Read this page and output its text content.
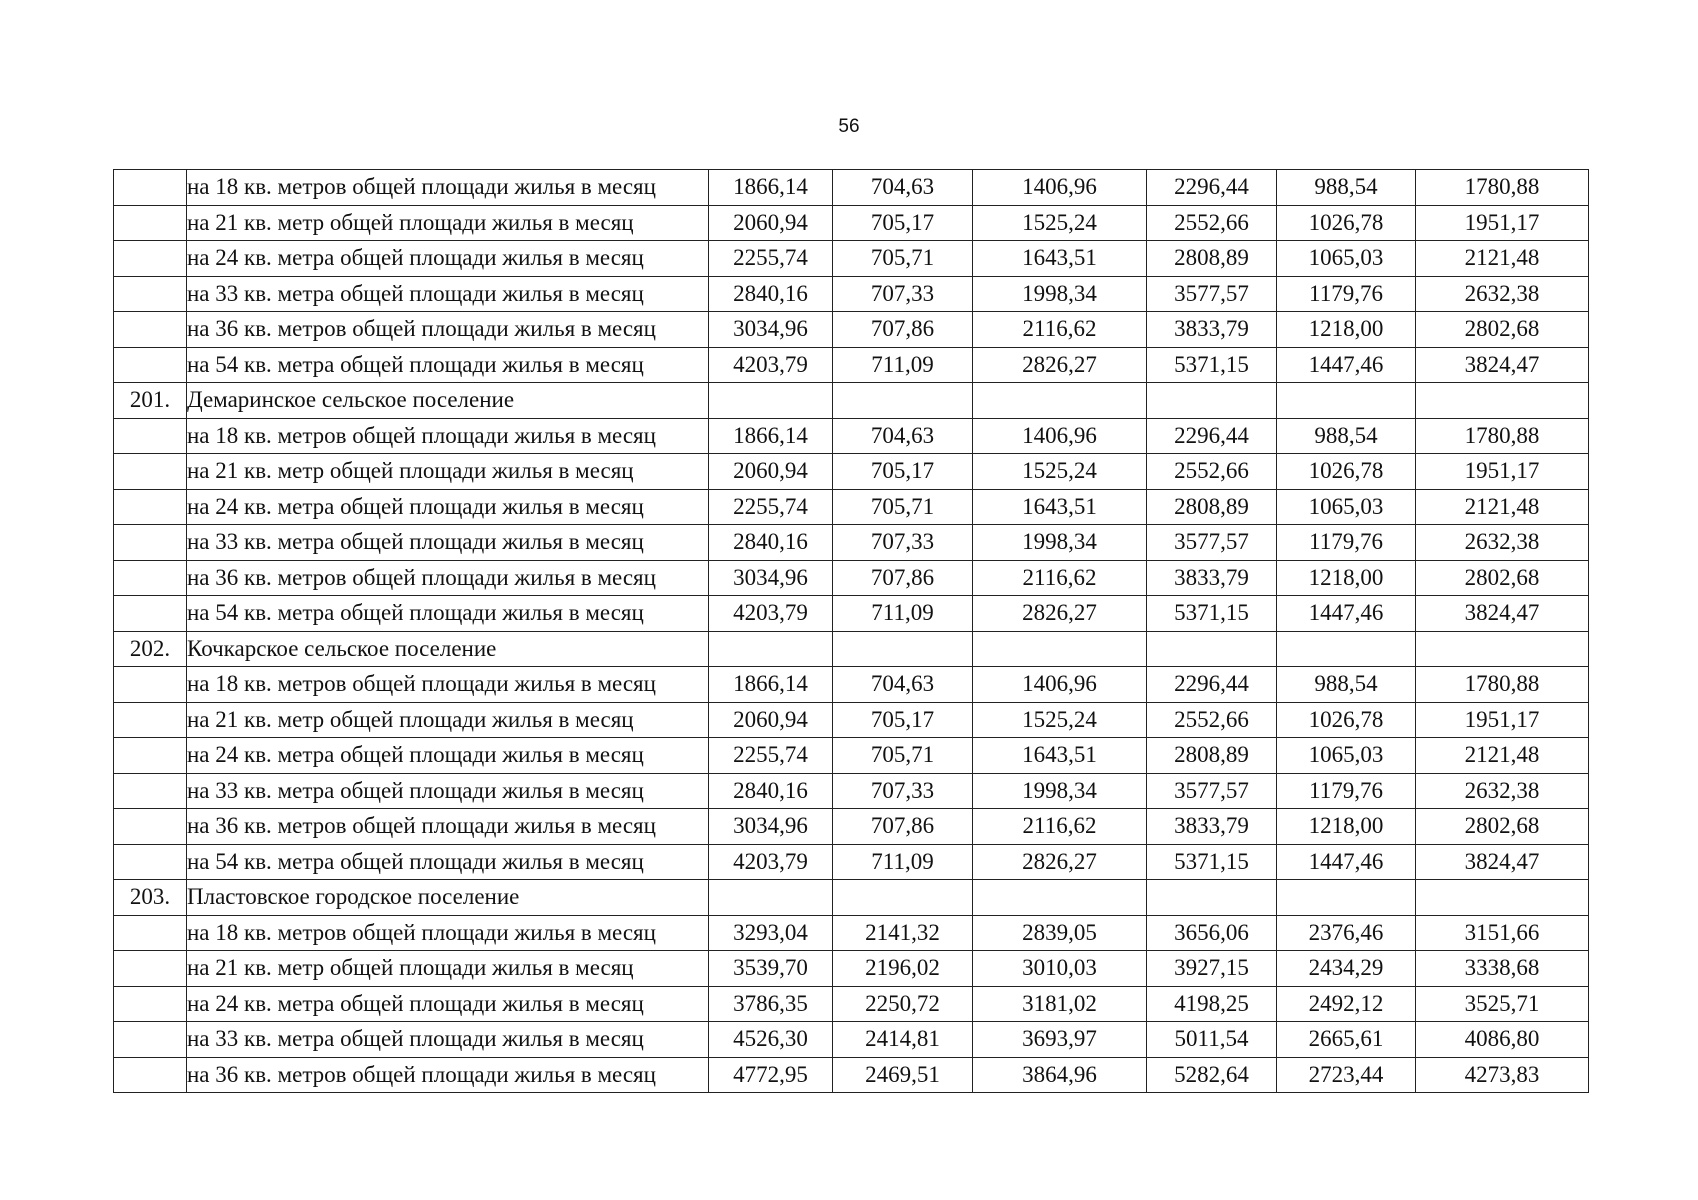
56
	на 18 кв. метров общей площади жилья в месяц	1866,14	704,63	1406,96	2296,44	988,54	1780,88
	на 21 кв. метр общей площади жилья в месяц	2060,94	705,17	1525,24	2552,66	1026,78	1951,17
	на 24 кв. метра общей площади жилья в месяц	2255,74	705,71	1643,51	2808,89	1065,03	2121,48
	на 33 кв. метра общей площади жилья в месяц	2840,16	707,33	1998,34	3577,57	1179,76	2632,38
	на 36 кв. метров общей площади жилья в месяц	3034,96	707,86	2116,62	3833,79	1218,00	2802,68
	на 54 кв. метра общей площади жилья в месяц	4203,79	711,09	2826,27	5371,15	1447,46	3824,47
201.	Демаринское сельское поселение						
	на 18 кв. метров общей площади жилья в месяц	1866,14	704,63	1406,96	2296,44	988,54	1780,88
	на 21 кв. метр общей площади жилья в месяц	2060,94	705,17	1525,24	2552,66	1026,78	1951,17
	на 24 кв. метра общей площади жилья в месяц	2255,74	705,71	1643,51	2808,89	1065,03	2121,48
	на 33 кв. метра общей площади жилья в месяц	2840,16	707,33	1998,34	3577,57	1179,76	2632,38
	на 36 кв. метров общей площади жилья в месяц	3034,96	707,86	2116,62	3833,79	1218,00	2802,68
	на 54 кв. метра общей площади жилья в месяц	4203,79	711,09	2826,27	5371,15	1447,46	3824,47
202.	Кочкарское сельское поселение						
	на 18 кв. метров общей площади жилья в месяц	1866,14	704,63	1406,96	2296,44	988,54	1780,88
	на 21 кв. метр общей площади жилья в месяц	2060,94	705,17	1525,24	2552,66	1026,78	1951,17
	на 24 кв. метра общей площади жилья в месяц	2255,74	705,71	1643,51	2808,89	1065,03	2121,48
	на 33 кв. метра общей площади жилья в месяц	2840,16	707,33	1998,34	3577,57	1179,76	2632,38
	на 36 кв. метров общей площади жилья в месяц	3034,96	707,86	2116,62	3833,79	1218,00	2802,68
	на 54 кв. метра общей площади жилья в месяц	4203,79	711,09	2826,27	5371,15	1447,46	3824,47
203.	Пластовское городское поселение						
	на 18 кв. метров общей площади жилья в месяц	3293,04	2141,32	2839,05	3656,06	2376,46	3151,66
	на 21 кв. метр общей площади жилья в месяц	3539,70	2196,02	3010,03	3927,15	2434,29	3338,68
	на 24 кв. метра общей площади жилья в месяц	3786,35	2250,72	3181,02	4198,25	2492,12	3525,71
	на 33 кв. метра общей площади жилья в месяц	4526,30	2414,81	3693,97	5011,54	2665,61	4086,80
	на 36 кв. метров общей площади жилья в месяц	4772,95	2469,51	3864,96	5282,64	2723,44	4273,83
